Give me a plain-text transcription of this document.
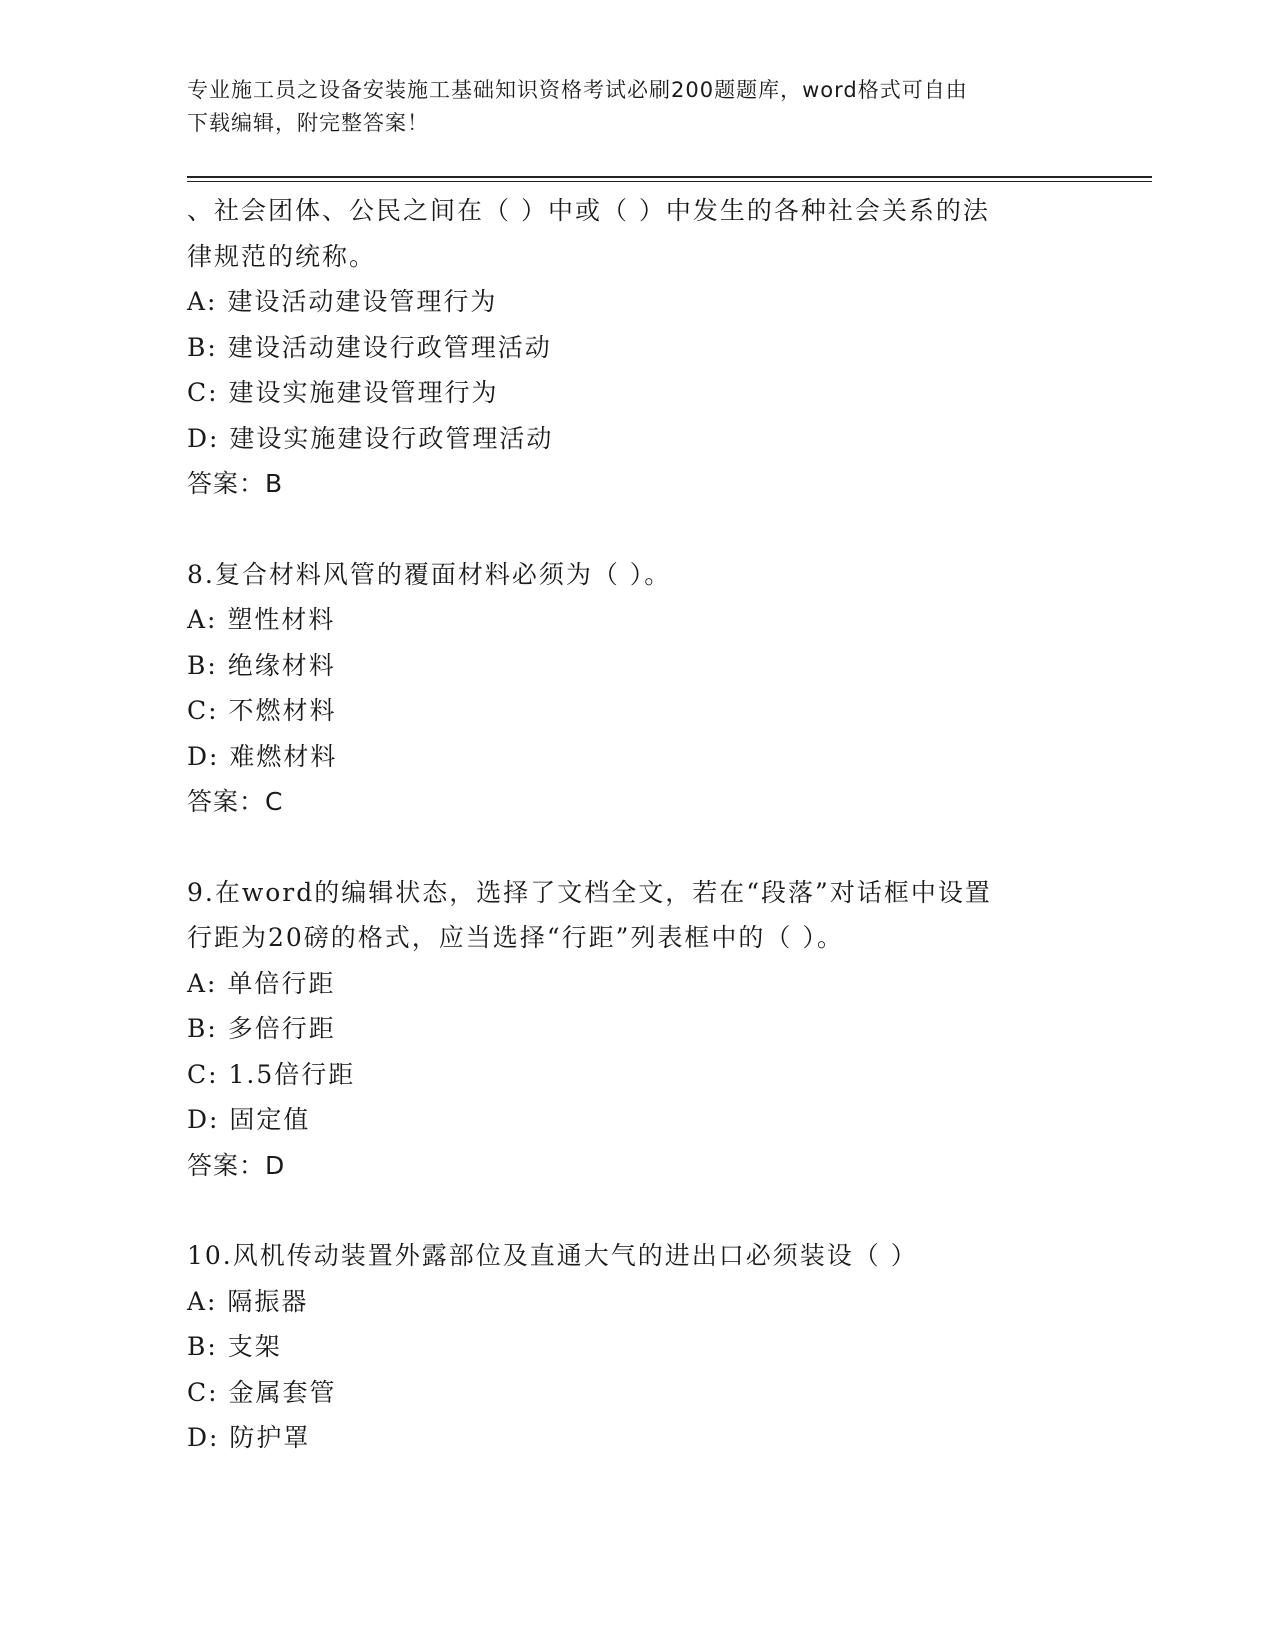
专业施工员之设备安装施工基础知识资格考试必刷200题题库，word格式可自由
下载编辑，附完整答案！
、社会团体、公民之间在（ ）中或（ ）中发生的各种社会关系的法
律规范的统称。
A: 建设活动建设管理行为
B: 建设活动建设行政管理活动
C: 建设实施建设管理行为
D: 建设实施建设行政管理活动
答案：B
8.复合材料风管的覆面材料必须为（ ）。
A: 塑性材料
B: 绝缘材料
C: 不燃材料
D: 难燃材料
答案：C
9.在word的编辑状态，选择了文档全文，若在“段落”对话框中设置
行距为20磅的格式，应当选择“行距”列表框中的（ ）。
A: 单倍行距
B: 多倍行距
C: 1.5倍行距
D: 固定值
答案：D
10.风机传动装置外露部位及直通大气的进出口必须装设（ ）
A: 隔振器
B: 支架
C: 金属套管
D: 防护罩
